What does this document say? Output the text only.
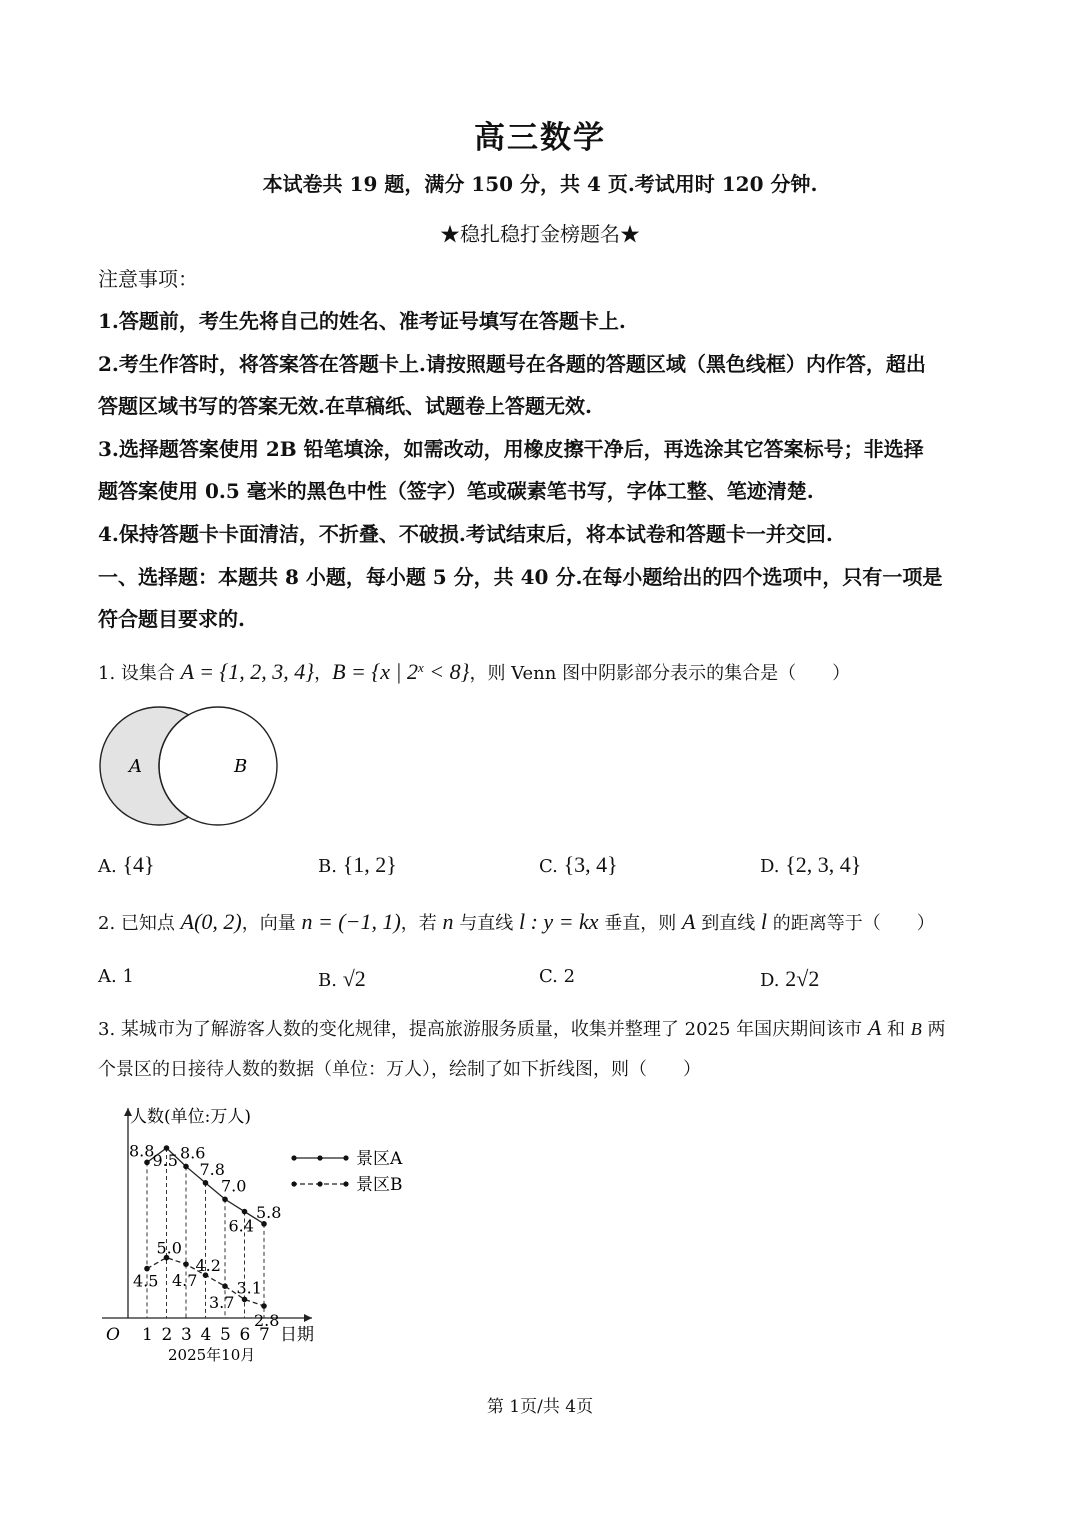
高三数学
本试卷共 19 题，满分 150 分，共 4 页.考试用时 120 分钟.
★稳扎稳打金榜题名★
注意事项：
1.答题前，考生先将自己的姓名、准考证号填写在答题卡上.
2.考生作答时，将答案答在答题卡上.请按照题号在各题的答题区域（黑色线框）内作答，超出
答题区域书写的答案无效.在草稿纸、试题卷上答题无效.
3.选择题答案使用 2B 铅笔填涂，如需改动，用橡皮擦干净后，再选涂其它答案标号；非选择
题答案使用 0.5 毫米的黑色中性（签字）笔或碳素笔书写，字体工整、笔迹清楚.
4.保持答题卡卡面清洁，不折叠、不破损.考试结束后，将本试卷和答题卡一并交回.
一、选择题：本题共 8 小题，每小题 5 分，共 40 分.在每小题给出的四个选项中，只有一项是
符合题目要求的.
1. 设集合 A = {1, 2, 3, 4}，B = {x | $2^x < 8$}，则 Venn 图中阴影部分表示的集合是（　　）
A	B
A. {4}	B. {1, 2}	C. {3, 4}	D. {2, 3, 4}
2. 已知点 A(0, 2)，向量 n = (−1, 1)，若 n 与直线 l : y = kx 垂直，则 A 到直线 l 的距离等于（　　）
A. 1	B. √2	C. 2	D. 2√2
3. 某城市为了解游客人数的变化规律，提高旅游服务质量，收集并整理了 2025 年国庆期间该市 A 和 B 两
个景区的日接待人数的数据（单位：万人），绘制了如下折线图，则（　　）
人数(单位:万人)
O	日期
2025年10月
1 2 3 4 5 6 7
8.8
9.5 8.6
7.8
7.0
6.4
5.8
4.5
5.0
4.7
4.2
3.7
3.1
2.8
景区A
景区B
第 1页/共 4页
